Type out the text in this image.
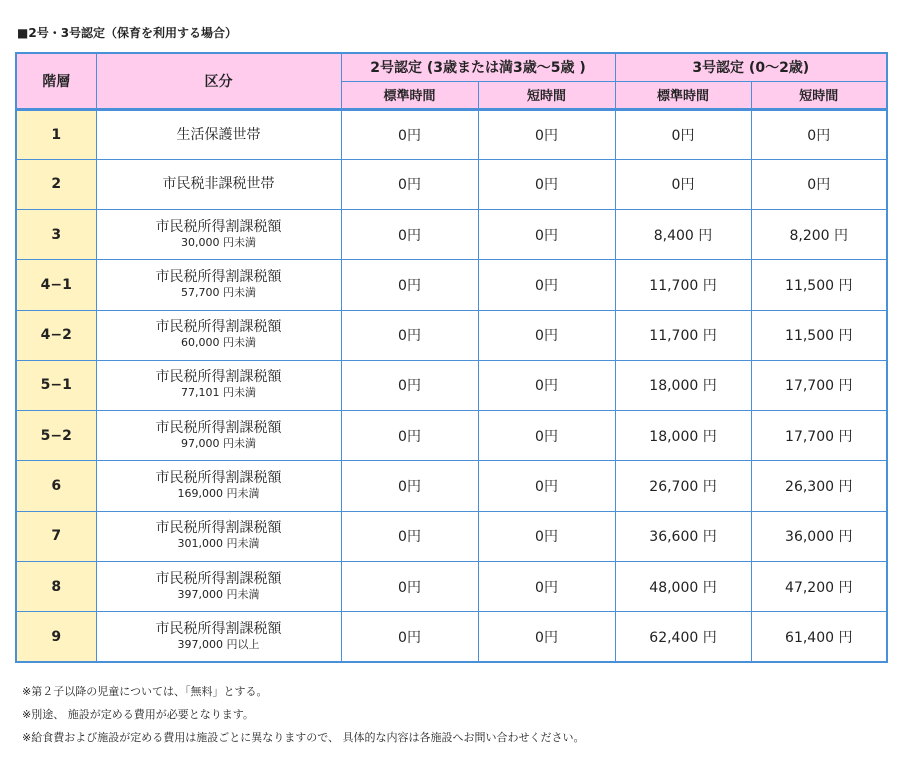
■2号・3号認定（保育を利用する場合）
階層	区分	2号認定 (3歳または満3歳～5歳 )		3号認定 (0～2歳)	
		標準時間	短時間	標準時間	短時間
1	生活保護世帯	0円	0円	0円	0円
2	市民税非課税世帯	0円	0円	0円	0円
3	市民税所得割課税額
30,000 円未満	0円	0円	8,400 円	8,200 円
4−1	市民税所得割課税額
57,700 円未満	0円	0円	11,700 円	11,500 円
4−2	市民税所得割課税額
60,000 円未満	0円	0円	11,700 円	11,500 円
5−1	市民税所得割課税額
77,101 円未満	0円	0円	18,000 円	17,700 円
5−2	市民税所得割課税額
97,000 円未満	0円	0円	18,000 円	17,700 円
6	市民税所得割課税額
169,000 円未満	0円	0円	26,700 円	26,300 円
7	市民税所得割課税額
301,000 円未満	0円	0円	36,600 円	36,000 円
8	市民税所得割課税額
397,000 円未満	0円	0円	48,000 円	47,200 円
9	市民税所得割課税額
397,000 円以上	0円	0円	62,400 円	61,400 円

※第２子以降の児童については、「無料」とする。

※別途、 施設が定める費用が必要となります。

※給食費および施設が定める費用は施設ごとに異なりますので、 具体的な内容は各施設へお問い合わせください。
